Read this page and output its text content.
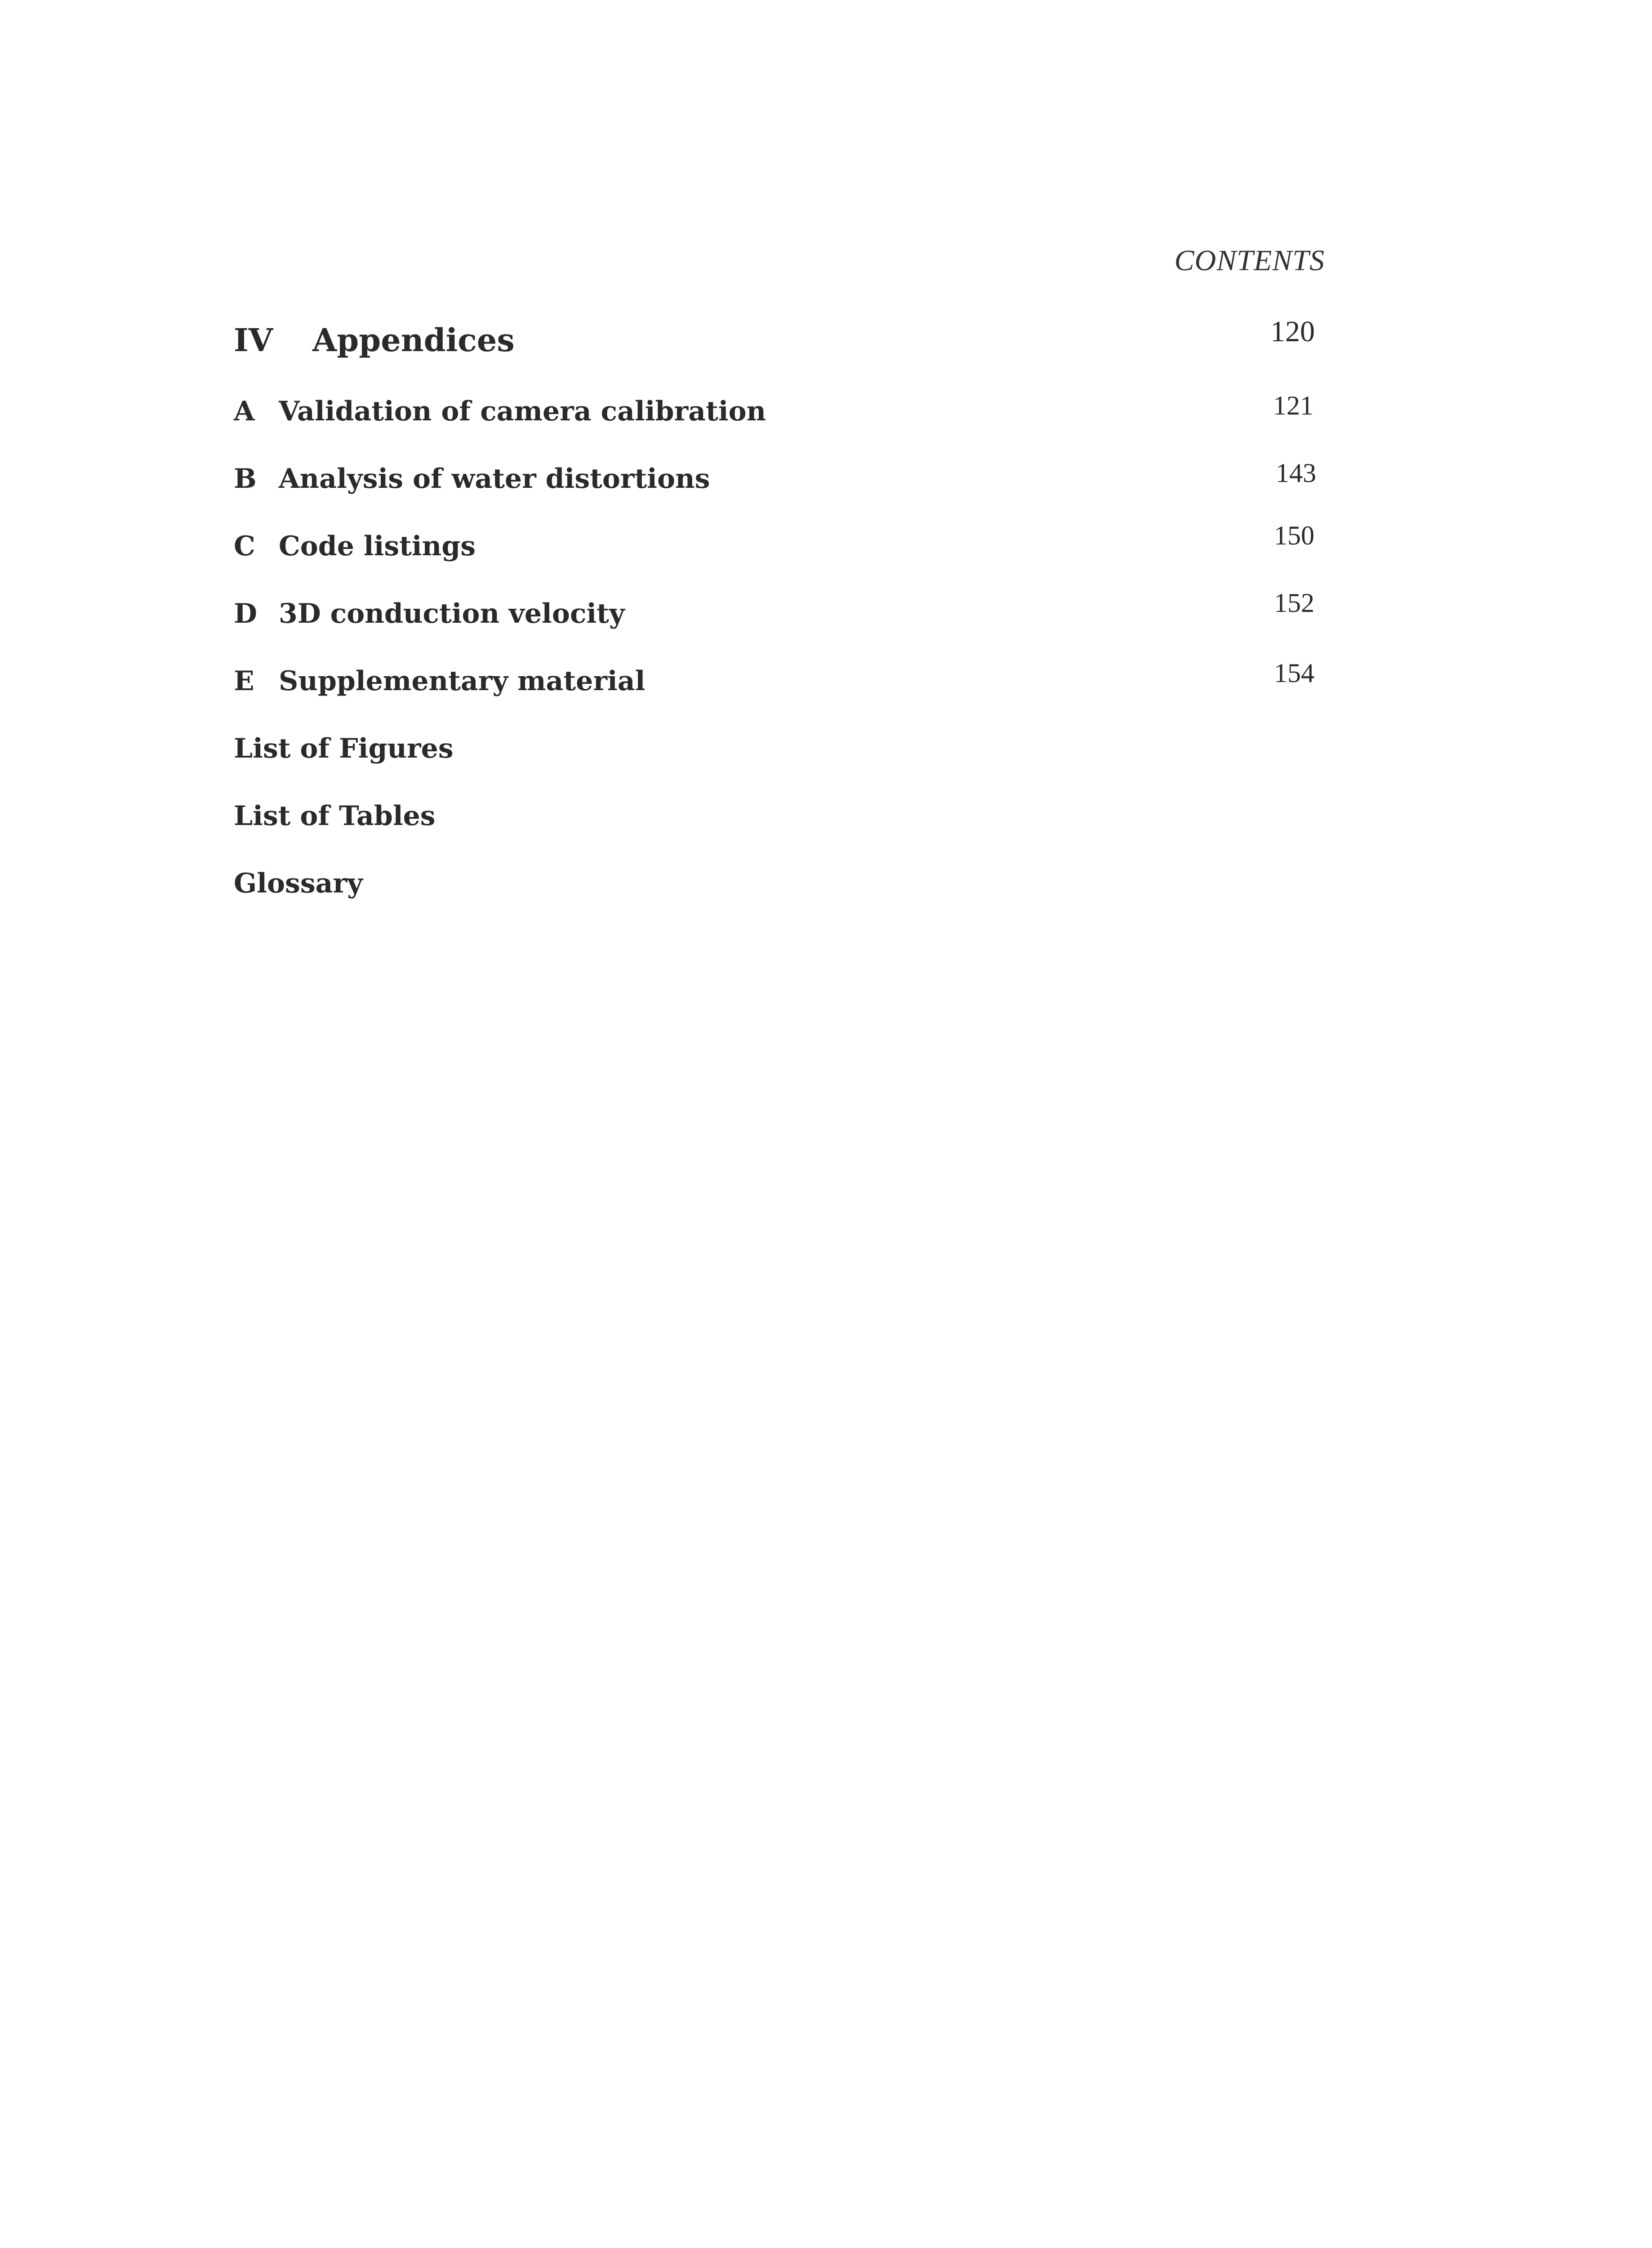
CONTENTS
IV Appendices	120
A Validation of camera calibration	121
B Analysis of water distortions	143
C Code listings	150
D 3D conduction velocity	152
E Supplementary material	154
List of Figures
List of Tables
Glossary
